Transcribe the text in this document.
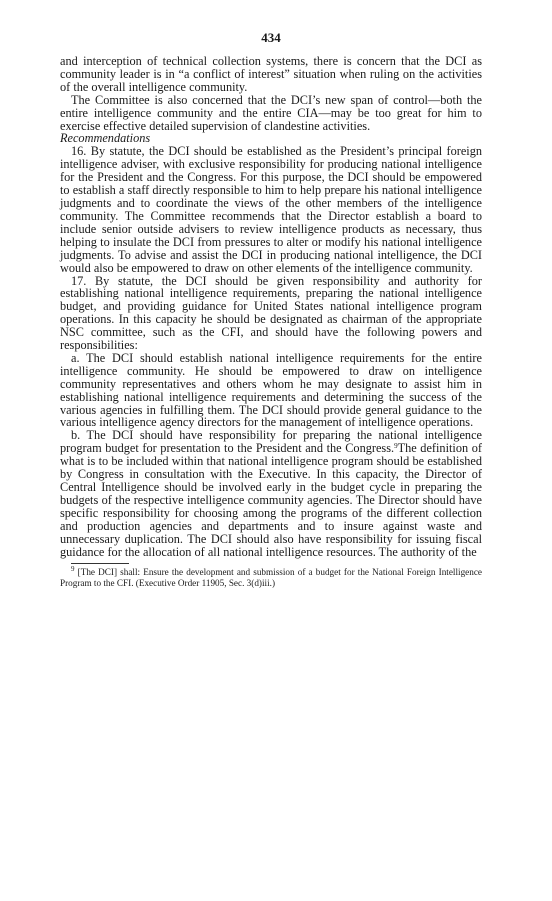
434

and interception of technical collection systems, there is concern that the DCI as community leader is in “a conflict of interest” situation when ruling on the activities of the overall intelligence community.

The Committee is also concerned that the DCI’s new span of control—both the entire intelligence community and the entire CIA—may be too great for him to exercise effective detailed supervision of clandestine activities.

Recommendations

16. By statute, the DCI should be established as the President’s principal foreign intelligence adviser, with exclusive responsibility for producing national intelligence for the President and the Congress. For this purpose, the DCI should be empowered to establish a staff directly responsible to him to help prepare his national intelligence judgments and to coordinate the views of the other members of the intelligence community. The Committee recommends that the Director establish a board to include senior outside advisers to review intelligence products as necessary, thus helping to insulate the DCI from pressures to alter or modify his national intelligence judgments. To advise and assist the DCI in producing national intelligence, the DCI would also be empowered to draw on other elements of the intelligence community.

17. By statute, the DCI should be given responsibility and authority for establishing national intelligence requirements, preparing the national intelligence budget, and providing guidance for United States national intelligence program operations. In this capacity he should be designated as chairman of the appropriate NSC committee, such as the CFI, and should have the following powers and responsibilities:

a. The DCI should establish national intelligence requirements for the entire intelligence community. He should be empowered to draw on intelligence community representatives and others whom he may designate to assist him in establishing national intelligence requirements and determining the success of the various agencies in fulfilling them. The DCI should provide general guidance to the various intelligence agency directors for the management of intelligence operations.

b. The DCI should have responsibility for preparing the national intelligence program budget for presentation to the President and the Congress.$^9$The definition of what is to be included within that national intelligence program should be established by Congress in consultation with the Executive. In this capacity, the Director of Central Intelligence should be involved early in the budget cycle in preparing the budgets of the respective intelligence community agencies. The Director should have specific responsibility for choosing among the programs of the different collection and production agencies and departments and to insure against waste and unnecessary duplication. The DCI should also have responsibility for issuing fiscal guidance for the allocation of all national intelligence resources. The authority of the

$^9$ [The DCI] shall: Ensure the development and submission of a budget for the National Foreign Intelligence Program to the CFI. (Executive Order 11905, Sec. 3(d)iii.)
